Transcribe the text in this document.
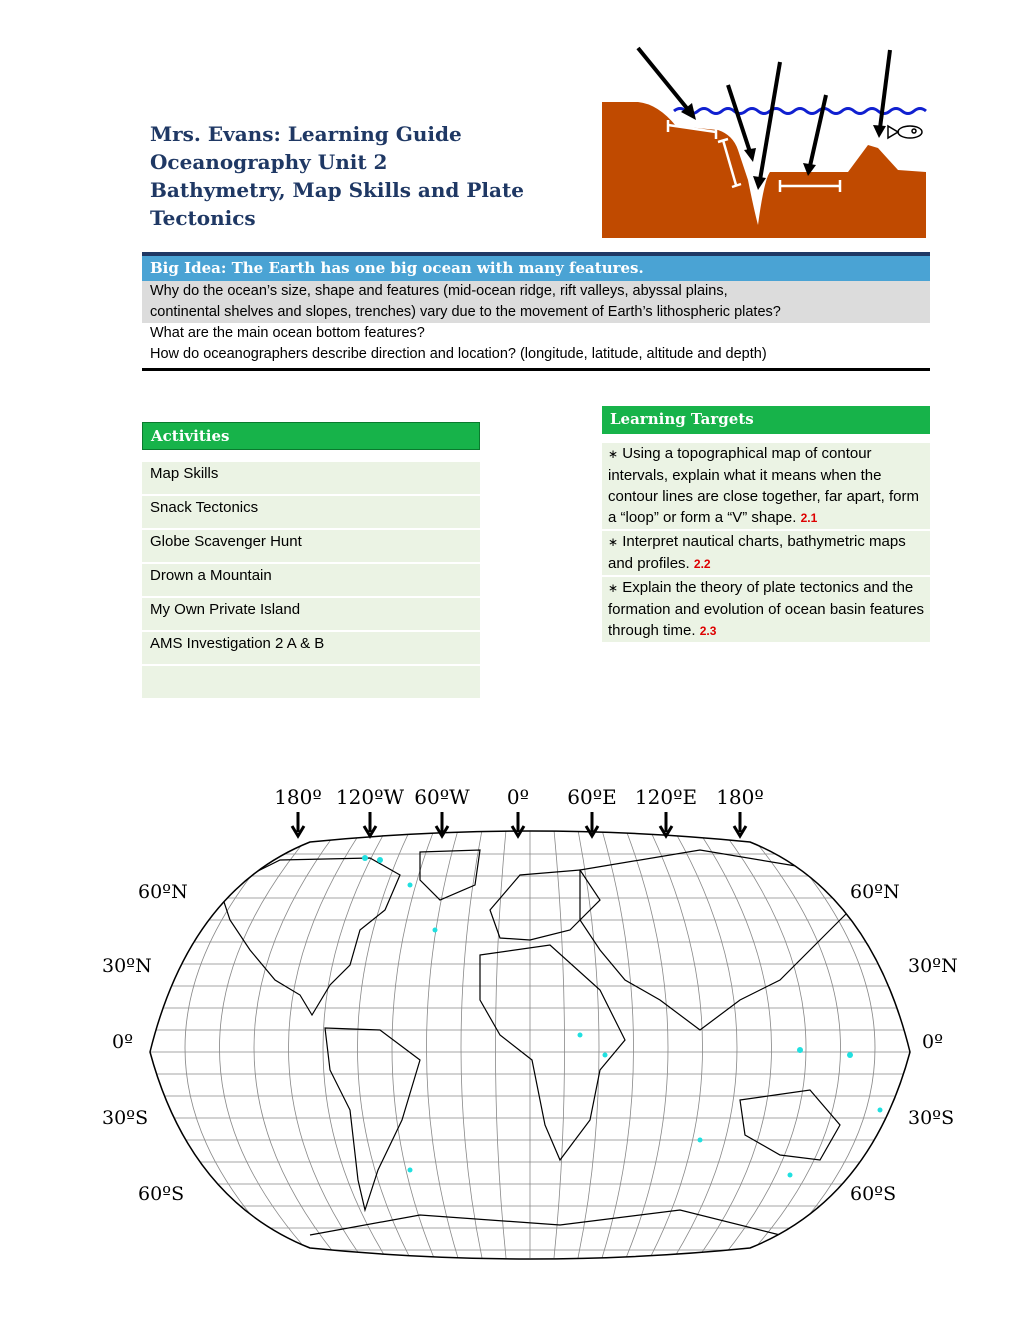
Mrs. Evans: Learning Guide
Oceanography Unit 2
Bathymetry, Map Skills and Plate
Tectonics
Big Idea: The Earth has one big ocean with many features.
Why do the ocean’s size, shape and features (mid-ocean ridge, rift valleys, abyssal plains,
continental shelves and slopes, trenches) vary due to the movement of Earth’s lithospheric plates?
What are the main ocean bottom features?
How do oceanographers describe direction and location? (longitude, latitude, altitude and depth)
Activities
Map Skills
Snack Tectonics
Globe Scavenger Hunt
Drown a Mountain
My Own Private Island
AMS Investigation 2 A & B
Learning Targets
∗ Using a topographical map of contour intervals, explain what it means when the contour lines are close together, far apart, form a “loop” or form a “V” shape. 2.1
∗ Interpret nautical charts, bathymetric maps and profiles. 2.2
∗ Explain the theory of plate tectonics and the formation and evolution of ocean basin features through time. 2.3
180º 120ºW 60ºW 0º 60ºE 120ºE 180º
60ºN
30ºN
0º
30ºS
60ºS
60ºN
30ºN
0º
30ºS
60ºS
